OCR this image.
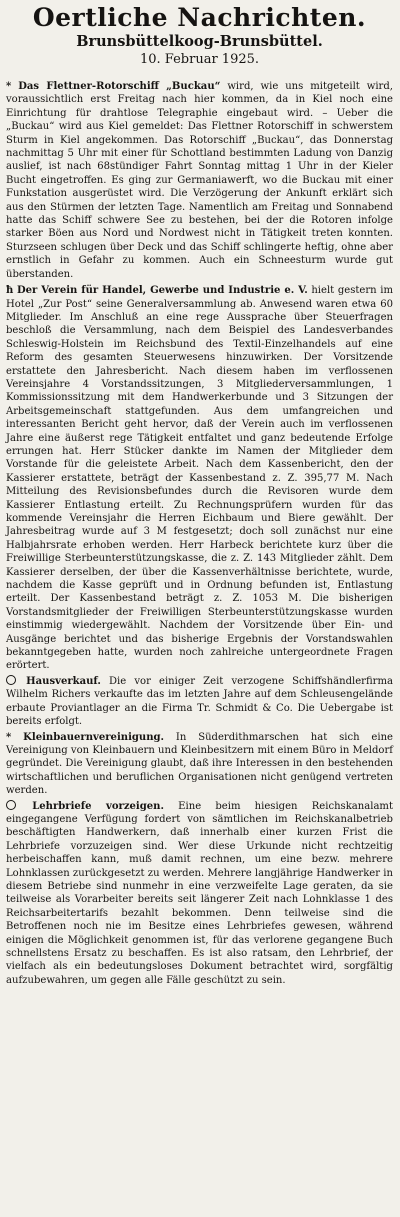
Oertliche Nachrichten.
Brunsbüttelkoog-Brunsbüttel.
10. Februar 1925.

* Das Flettner-Rotorschiff „Buckau“ wird, wie uns mitgeteilt wird, voraussichtlich erst Freitag nach hier kommen, da in Kiel noch eine Einrichtung für drahtlose Telegraphie eingebaut wird. – Ueber die „Buckau“ wird aus Kiel gemeldet: Das Flettner Rotorschiff in schwerstem Sturm in Kiel angekommen. Das Rotorschiff „Buckau“, das Donnerstag nachmittag 5 Uhr mit einer für Schottland bestimmten Ladung von Danzig auslief, ist nach 68stündiger Fahrt Sonntag mittag 1 Uhr in der Kieler Bucht eingetroffen. Es ging zur Germaniawerft, wo die Buckau mit einer Funkstation ausgerüstet wird. Die Verzögerung der Ankunft erklärt sich aus den Stürmen der letzten Tage. Namentlich am Freitag und Sonnabend hatte das Schiff schwere See zu bestehen, bei der die Rotoren infolge starker Böen aus Nord und Nordwest nicht in Tätigkeit treten konnten. Sturzseen schlugen über Deck und das Schiff schlingerte heftig, ohne aber ernstlich in Gefahr zu kommen. Auch ein Schneesturm wurde gut überstanden.

ħ Der Verein für Handel, Gewerbe und Industrie e. V. hielt gestern im Hotel „Zur Post“ seine Generalversammlung ab. Anwesend waren etwa 60 Mitglieder. Im Anschluß an eine rege Aussprache über Steuerfragen beschloß die Versammlung, nach dem Beispiel des Landesverbandes Schleswig-Holstein im Reichsbund des Textil-Einzelhandels auf eine Reform des gesamten Steuerwesens hinzuwirken. Der Vorsitzende erstattete den Jahresbericht. Nach diesem haben im verflossenen Vereinsjahre 4 Vorstandssitzungen, 3 Mitgliederversammlungen, 1 Kommissionssitzung mit dem Handwerkerbunde und 3 Sitzungen der Arbeitsgemeinschaft stattgefunden. Aus dem umfangreichen und interessanten Bericht geht hervor, daß der Verein auch im verflossenen Jahre eine äußerst rege Tätigkeit entfaltet und ganz bedeutende Erfolge errungen hat. Herr Stücker dankte im Namen der Mitglieder dem Vorstande für die geleistete Arbeit. Nach dem Kassenbericht, den der Kassierer erstattete, beträgt der Kassenbestand z. Z. 395,77 M. Nach Mitteilung des Revisionsbefundes durch die Revisoren wurde dem Kassierer Entlastung erteilt. Zu Rechnungsprüfern wurden für das kommende Vereinsjahr die Herren Eichbaum und Biere gewählt. Der Jahresbeitrag wurde auf 3 M festgesetzt; doch soll zunächst nur eine Halbjahrsrate erhoben werden. Herr Harbeck berichtete kurz über die Freiwillige Sterbeunterstützungskasse, die z. Z. 143 Mitglieder zählt. Dem Kassierer derselben, der über die Kassenverhältnisse berichtete, wurde, nachdem die Kasse geprüft und in Ordnung befunden ist, Entlastung erteilt. Der Kassenbestand beträgt z. Z. 1053 M. Die bisherigen Vorstandsmitglieder der Freiwilligen Sterbeunterstützungskasse wurden einstimmig wiedergewählt. Nachdem der Vorsitzende über Ein- und Ausgänge berichtet und das bisherige Ergebnis der Vorstandswahlen bekanntgegeben hatte, wurden noch zahlreiche untergeordnete Fragen erörtert.

Hausverkauf. Die vor einiger Zeit verzogene Schiffshändlerfirma Wilhelm Richers verkaufte das im letzten Jahre auf dem Schleusengelände erbaute Proviantlager an die Firma Tr. Schmidt & Co. Die Uebergabe ist bereits erfolgt.

* Kleinbauernvereinigung. In Süderdithmarschen hat sich eine Vereinigung von Kleinbauern und Kleinbesitzern mit einem Büro in Meldorf gegründet. Die Vereinigung glaubt, daß ihre Interessen in den bestehenden wirtschaftlichen und beruflichen Organisationen nicht genügend vertreten werden.

Lehrbriefe vorzeigen. Eine beim hiesigen Reichskanalamt eingegangene Verfügung fordert von sämtlichen im Reichskanalbetrieb beschäftigten Handwerkern, daß innerhalb einer kurzen Frist die Lehrbriefe vorzuzeigen sind. Wer diese Urkunde nicht rechtzeitig herbeischaffen kann, muß damit rechnen, um eine bezw. mehrere Lohnklassen zurückgesetzt zu werden. Mehrere langjährige Handwerker in diesem Betriebe sind nunmehr in eine verzweifelte Lage geraten, da sie teilweise als Vorarbeiter bereits seit längerer Zeit nach Lohnklasse 1 des Reichsarbeitertarifs bezahlt bekommen. Denn teilweise sind die Betroffenen noch nie im Besitze eines Lehrbriefes gewesen, während einigen die Möglichkeit genommen ist, für das verlorene gegangene Buch schnellstens Ersatz zu beschaffen. Es ist also ratsam, den Lehrbrief, der vielfach als ein bedeutungsloses Dokument betrachtet wird, sorgfältig aufzubewahren, um gegen alle Fälle geschützt zu sein.
